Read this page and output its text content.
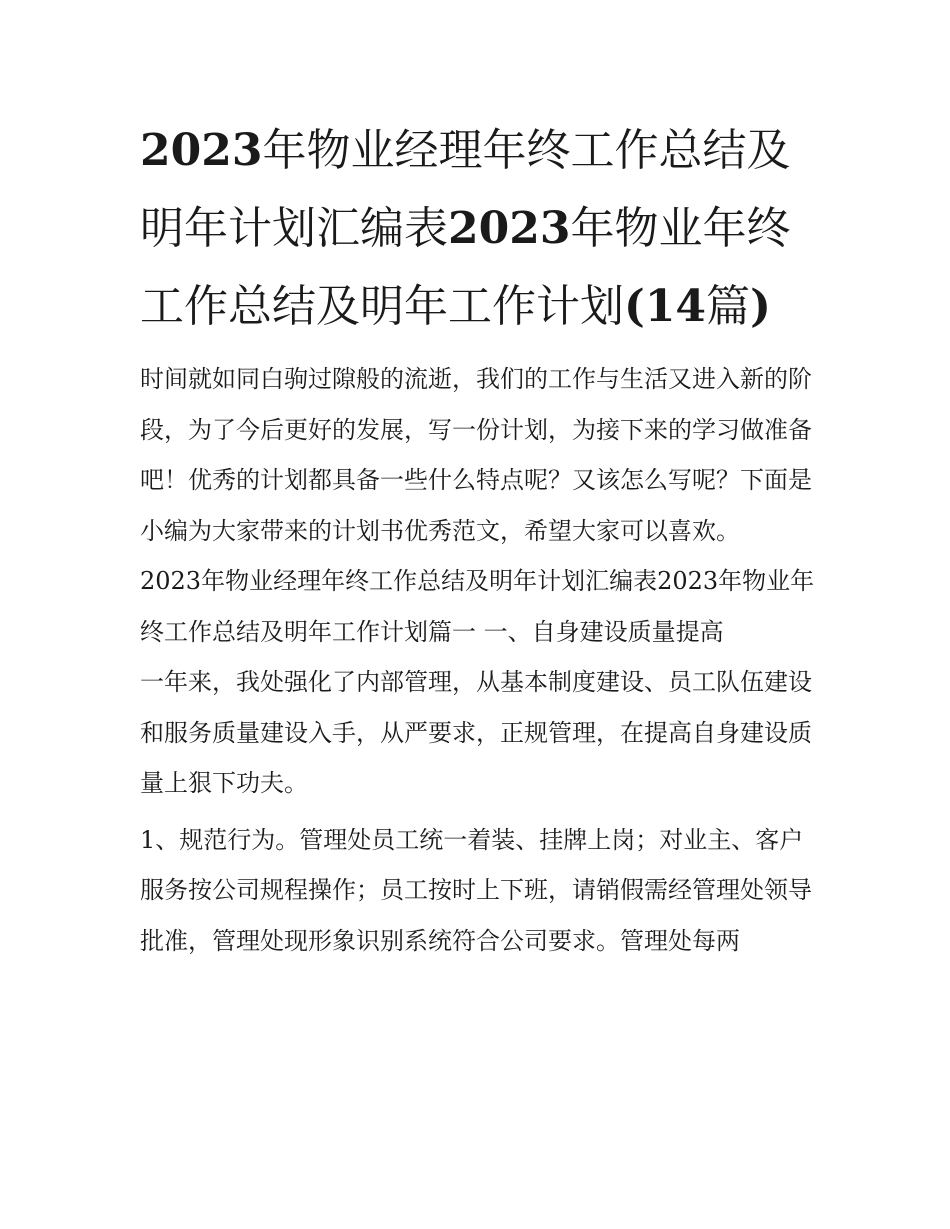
2023年物业经理年终工作总结及明年计划汇编表2023年物业年终工作总结及明年工作计划(14篇)

时间就如同白驹过隙般的流逝，我们的工作与生活又进入新的阶段，为了今后更好的发展，写一份计划，为接下来的学习做准备吧！优秀的计划都具备一些什么特点呢？又该怎么写呢？下面是小编为大家带来的计划书优秀范文，希望大家可以喜欢。

2023年物业经理年终工作总结及明年计划汇编表2023年物业年终工作总结及明年工作计划篇一 一、自身建设质量提高

一年来，我处强化了内部管理，从基本制度建设、员工队伍建设和服务质量建设入手，从严要求，正规管理，在提高自身建设质量上狠下功夫。

1、规范行为。管理处员工统一着装、挂牌上岗；对业主、客户服务按公司规程操作；员工按时上下班，请销假需经管理处领导批准，管理处现形象识别系统符合公司要求。管理处每两
